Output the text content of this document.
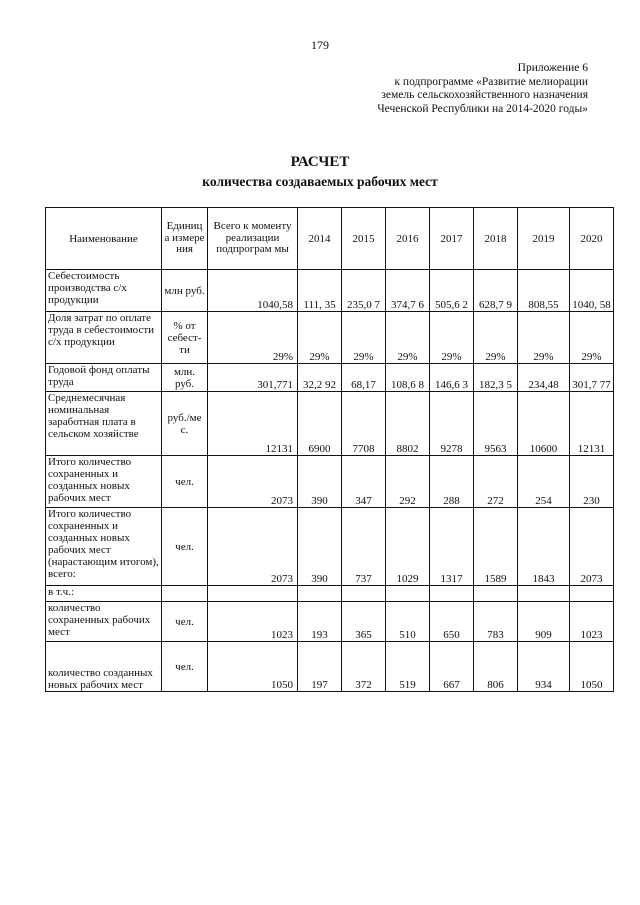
179
Приложение 6
к подпрограмме «Развитие мелиорации
земель сельскохозяйственного назначения
Чеченской Республики на 2014-2020 годы»
РАСЧЕТ
количества создаваемых рабочих мест
Наименование	Единиц а измере ния	Всего к моменту реализации подпрограм мы	2014	2015	2016	2017	2018	2019	2020
Себестоимость производства с/х продукции	млн руб.	1040,58	111, 35	235,0 7	374,7 6	505,6 2	628,7 9	808,55	1040, 58
Доля затрат по оплате труда в себестоимости с/х продукции	% от себест-ти	29%	29%	29%	29%	29%	29%	29%	29%
Годовой фонд оплаты труда	млн. руб.	301,771	32,2 92	68,17	108,6 8	146,6 3	182,3 5	234,48	301,7 77
Среднемесячная номинальная заработная плата в сельском хозяйстве	руб./ме с.	12131	6900	7708	8802	9278	9563	10600	12131
Итого количество сохраненных и созданных новых рабочих мест	чел.	2073	390	347	292	288	272	254	230
Итого количество сохраненных и созданных новых рабочих мест (нарастающим итогом), всего:	чел.	2073	390	737	1029	1317	1589	1843	2073
в т.ч.:									
количество сохраненных рабочих мест	чел.	1023	193	365	510	650	783	909	1023
количество созданных новых рабочих мест	чел.	1050	197	372	519	667	806	934	1050
